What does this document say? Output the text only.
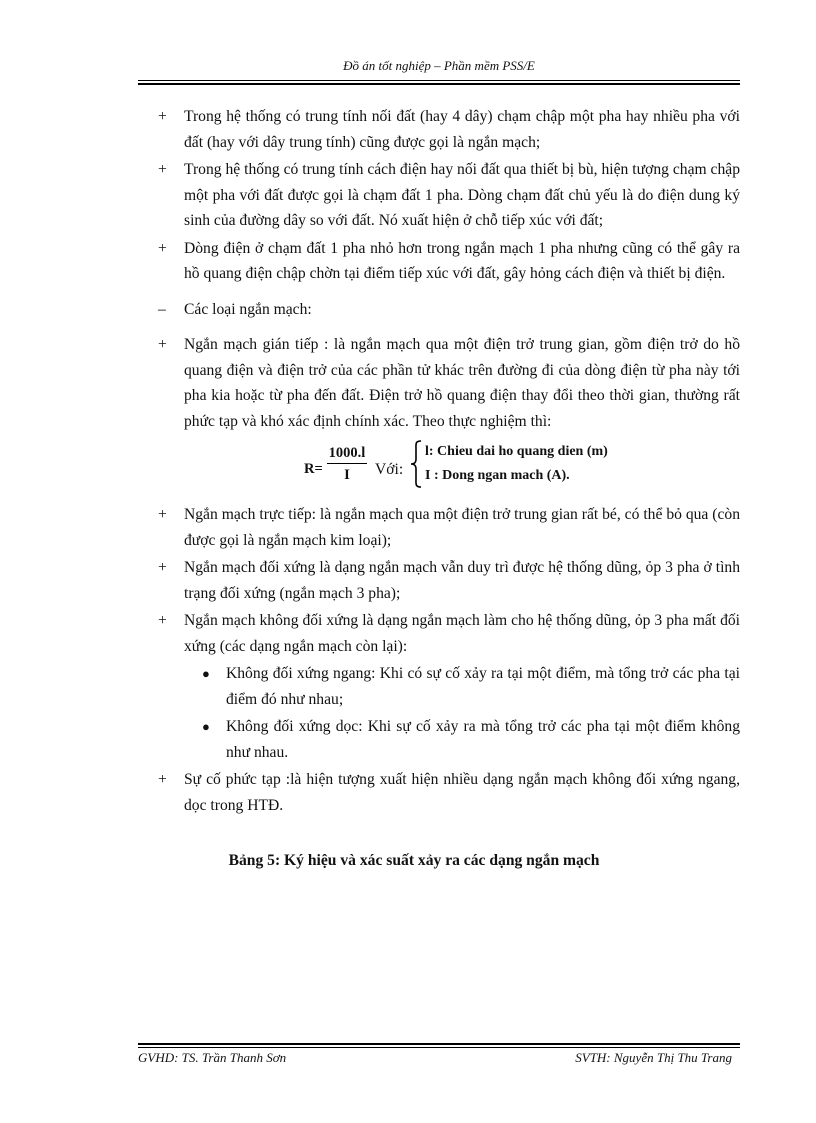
Đồ án tốt nghiệp – Phần mềm PSS/E
+	Trong hệ thống có trung tính nối đất (hay 4 dây) chạm chập một pha hay nhiều pha với đất (hay với dây trung tính) cũng được gọi là ngắn mạch;
+	Trong hệ thống có trung tính cách điện hay nối đất qua thiết bị bù, hiện tượng chạm chập một pha với đất được gọi là chạm đất 1 pha. Dòng chạm đất chủ yếu là do điện dung ký sinh của đường dây so với đất. Nó xuất hiện ở chỗ tiếp xúc với đất;
+	Dòng điện ở chạm đất 1 pha nhỏ hơn trong ngắn mạch 1 pha nhưng cũng có thể gây ra hồ quang điện chập chờn tại điểm tiếp xúc với đất, gây hỏng cách điện và thiết bị điện.
–	Các loại ngắn mạch:
+	Ngắn mạch gián tiếp : là ngắn mạch qua một điện trở trung gian, gồm điện trở do hồ quang điện và điện trở của các phần tử khác trên đường đi của dòng điện từ pha này tới pha kia hoặc từ pha đến đất. Điện trở hồ quang điện thay đổi theo thời gian, thường rất phức tạp và khó xác định chính xác. Theo thực nghiệm thì:
$R= \frac{1000.l}{I}$ Với:
l: Chieu dai ho quang dien (m)
I : Dong ngan mach (A).
+	Ngắn mạch trực tiếp: là ngắn mạch qua một điện trở trung gian rất bé, có thể bỏ qua (còn được gọi là ngắn mạch kim loại);
+	Ngắn mạch đối xứng là dạng ngắn mạch vẫn duy trì được hệ thống dũng, ỏp 3 pha ở tình trạng đối xứng (ngắn mạch 3 pha);
+	Ngắn mạch không đối xứng là dạng ngắn mạch làm cho hệ thống dũng, ỏp 3 pha mất đối xứng (các dạng ngắn mạch còn lại):
●	Không đối xứng ngang: Khi có sự cố xảy ra tại một điểm, mà tổng trở các pha tại điểm đó như nhau;
●	Không đối xứng dọc: Khi sự cố xảy ra mà tổng trở các pha tại một điểm không như nhau.
+	Sự cố phức tạp :là hiện tượng xuất hiện nhiều dạng ngắn mạch không đối xứng ngang, dọc trong HTĐ.
Bảng 5: Ký hiệu và xác suất xảy ra các dạng ngắn mạch
GVHD: TS. Trần Thanh Sơn	SVTH: Nguyễn Thị Thu Trang
